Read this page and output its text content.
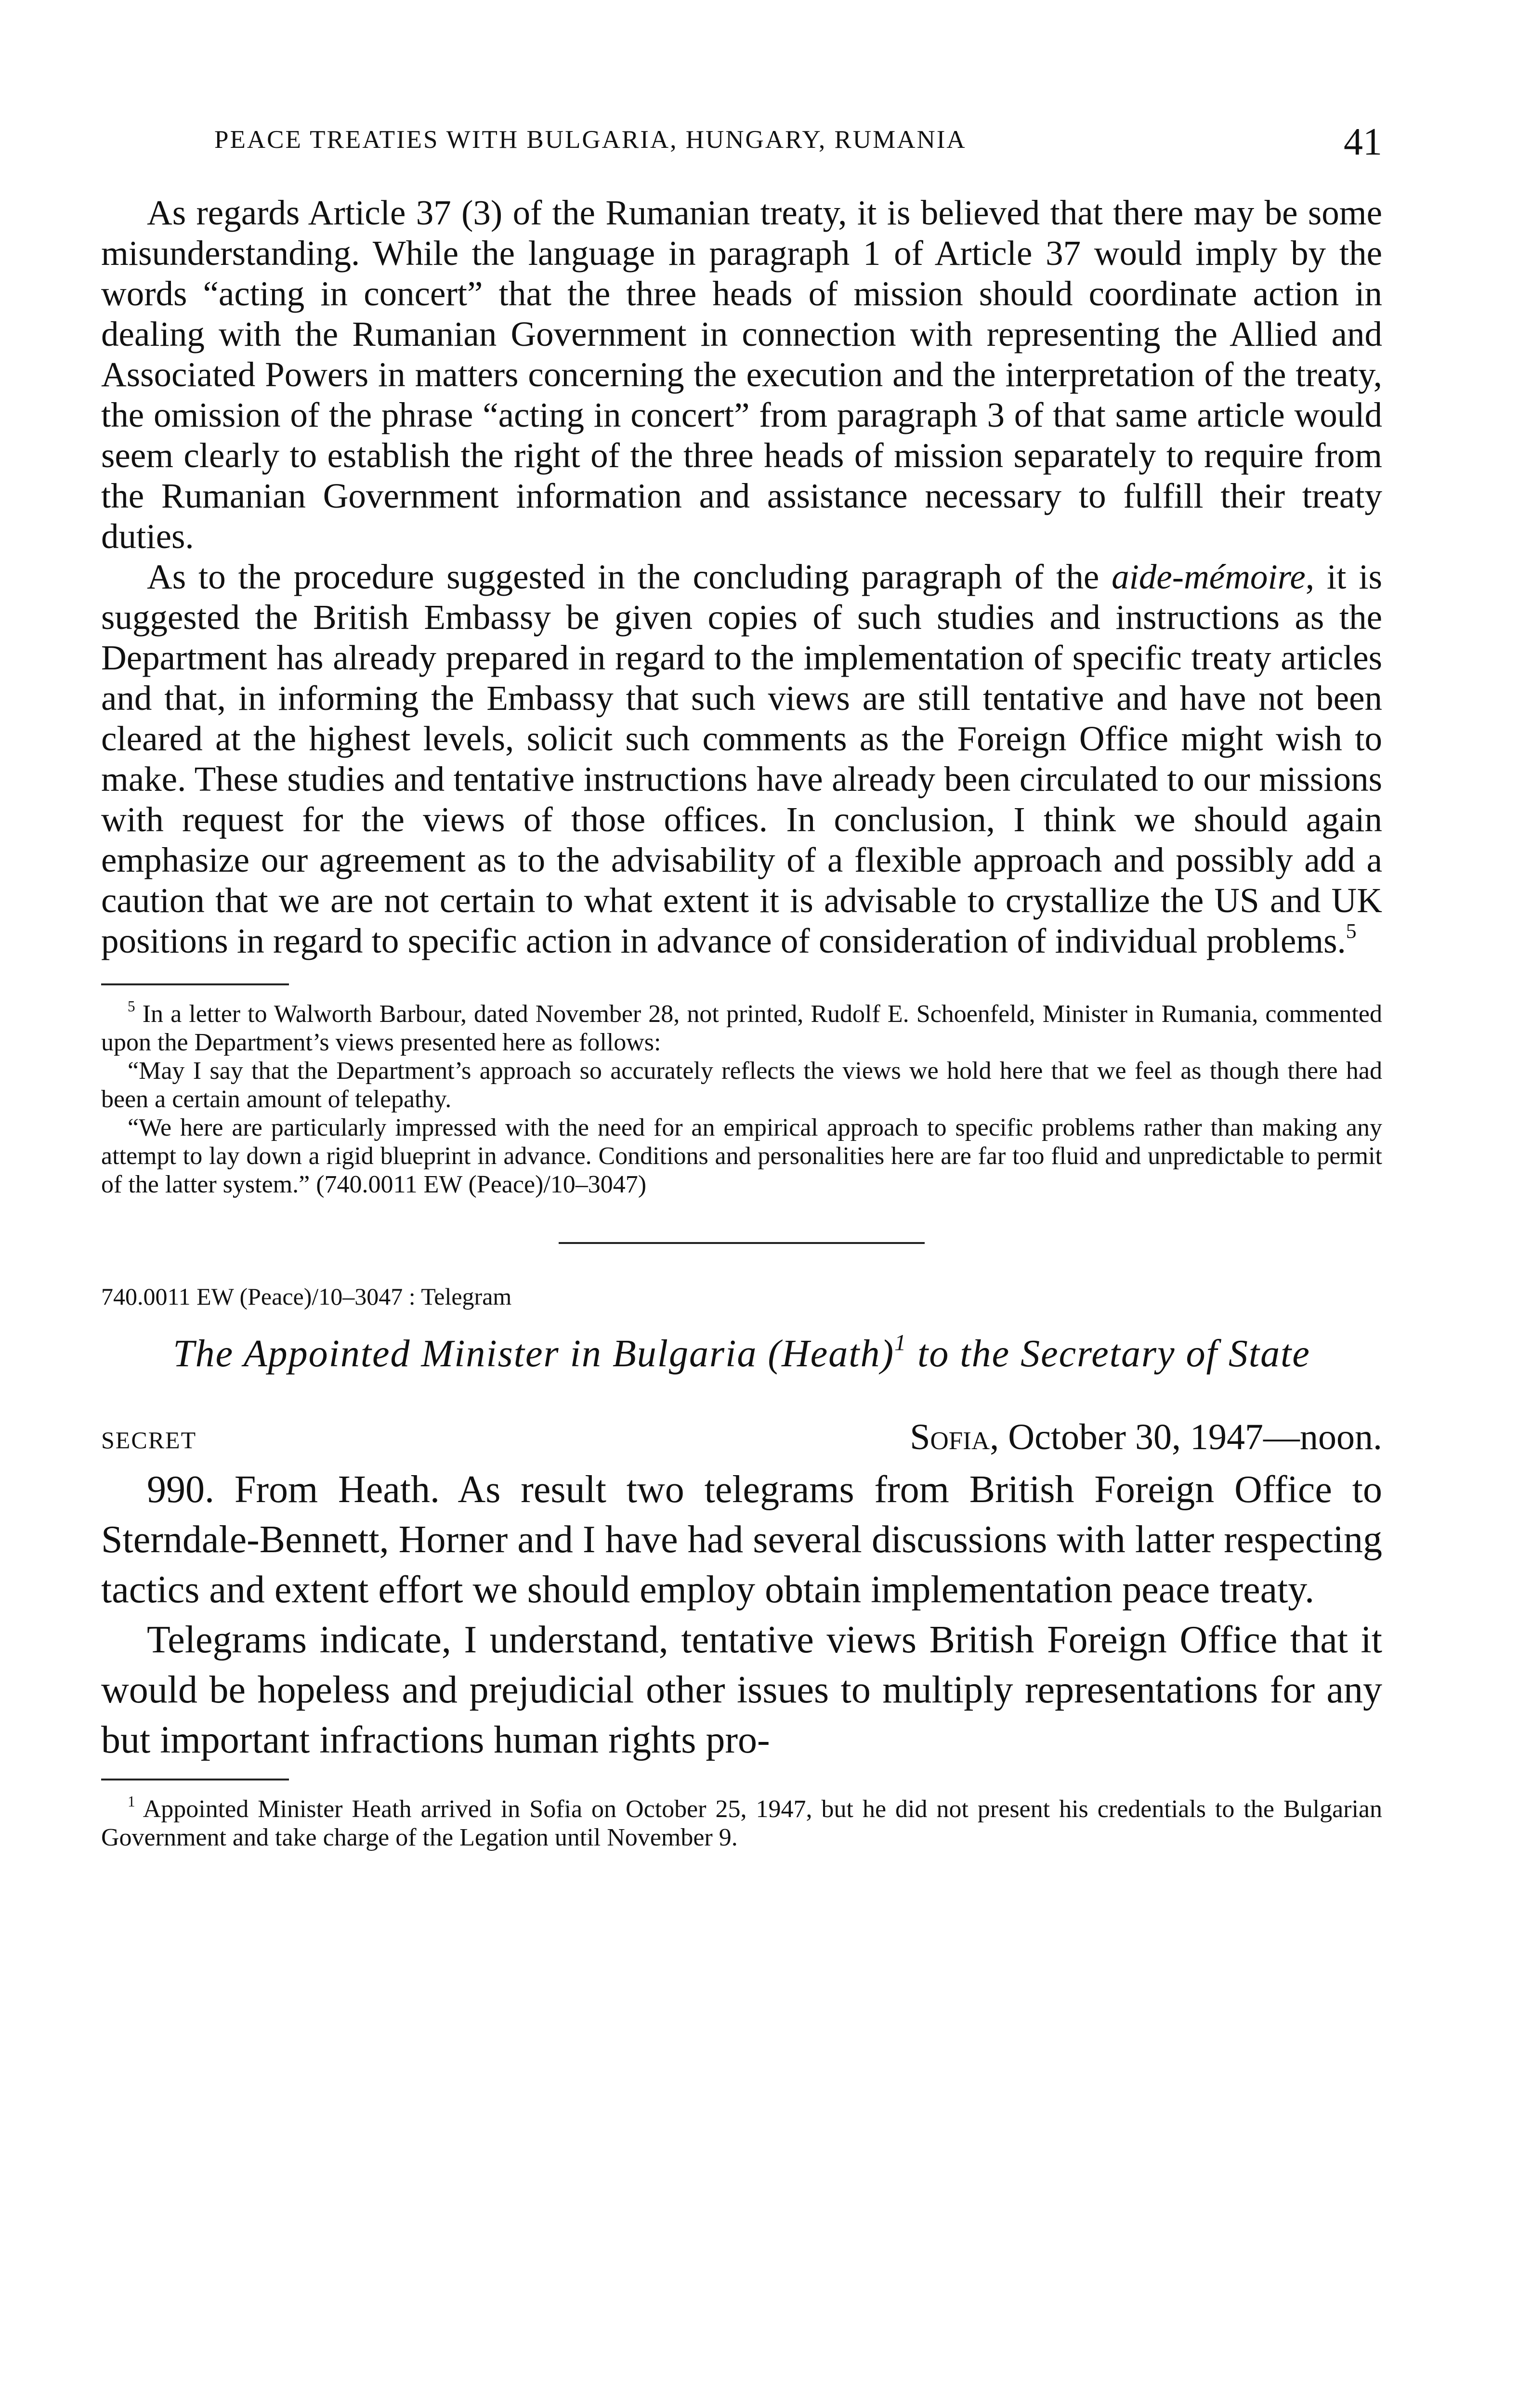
PEACE TREATIES WITH BULGARIA, HUNGARY, RUMANIA	41

As regards Article 37 (3) of the Rumanian treaty, it is believed that there may be some misunderstanding. While the language in paragraph 1 of Article 37 would imply by the words “acting in concert” that the three heads of mission should coordinate action in dealing with the Rumanian Government in connection with representing the Allied and Associated Powers in matters concerning the execution and the interpretation of the treaty, the omission of the phrase “acting in concert” from paragraph 3 of that same article would seem clearly to establish the right of the three heads of mission separately to require from the Rumanian Government information and assistance necessary to fulfill their treaty duties.

As to the procedure suggested in the concluding paragraph of the aide-mémoire, it is suggested the British Embassy be given copies of such studies and instructions as the Department has already prepared in regard to the implementation of specific treaty articles and that, in informing the Embassy that such views are still tentative and have not been cleared at the highest levels, solicit such comments as the Foreign Office might wish to make. These studies and tentative instructions have already been circulated to our missions with request for the views of those offices. In conclusion, I think we should again emphasize our agreement as to the advisability of a flexible approach and possibly add a caution that we are not certain to what extent it is advisable to crystallize the US and UK positions in regard to specific action in advance of consideration of individual problems.$^5$

$^5$ In a letter to Walworth Barbour, dated November 28, not printed, Rudolf E. Schoenfeld, Minister in Rumania, commented upon the Department’s views presented here as follows:

“May I say that the Department’s approach so accurately reflects the views we hold here that we feel as though there had been a certain amount of telepathy.

“We here are particularly impressed with the need for an empirical approach to specific problems rather than making any attempt to lay down a rigid blueprint in advance. Conditions and personalities here are far too fluid and unpredictable to permit of the latter system.” (740.0011 EW (Peace)/10–3047)

740.0011 EW (Peace)/10–3047 : Telegram
The Appointed Minister in Bulgaria (Heath)$^1$ to the Secretary of State
SECRET	Sofia, October 30, 1947—noon.

990. From Heath. As result two telegrams from British Foreign Office to Sterndale-Bennett, Horner and I have had several discussions with latter respecting tactics and extent effort we should employ obtain implementation peace treaty.

Telegrams indicate, I understand, tentative views British Foreign Office that it would be hopeless and prejudicial other issues to multiply representations for any but important infractions human rights pro-

$^1$ Appointed Minister Heath arrived in Sofia on October 25, 1947, but he did not present his credentials to the Bulgarian Government and take charge of the Legation until November 9.
